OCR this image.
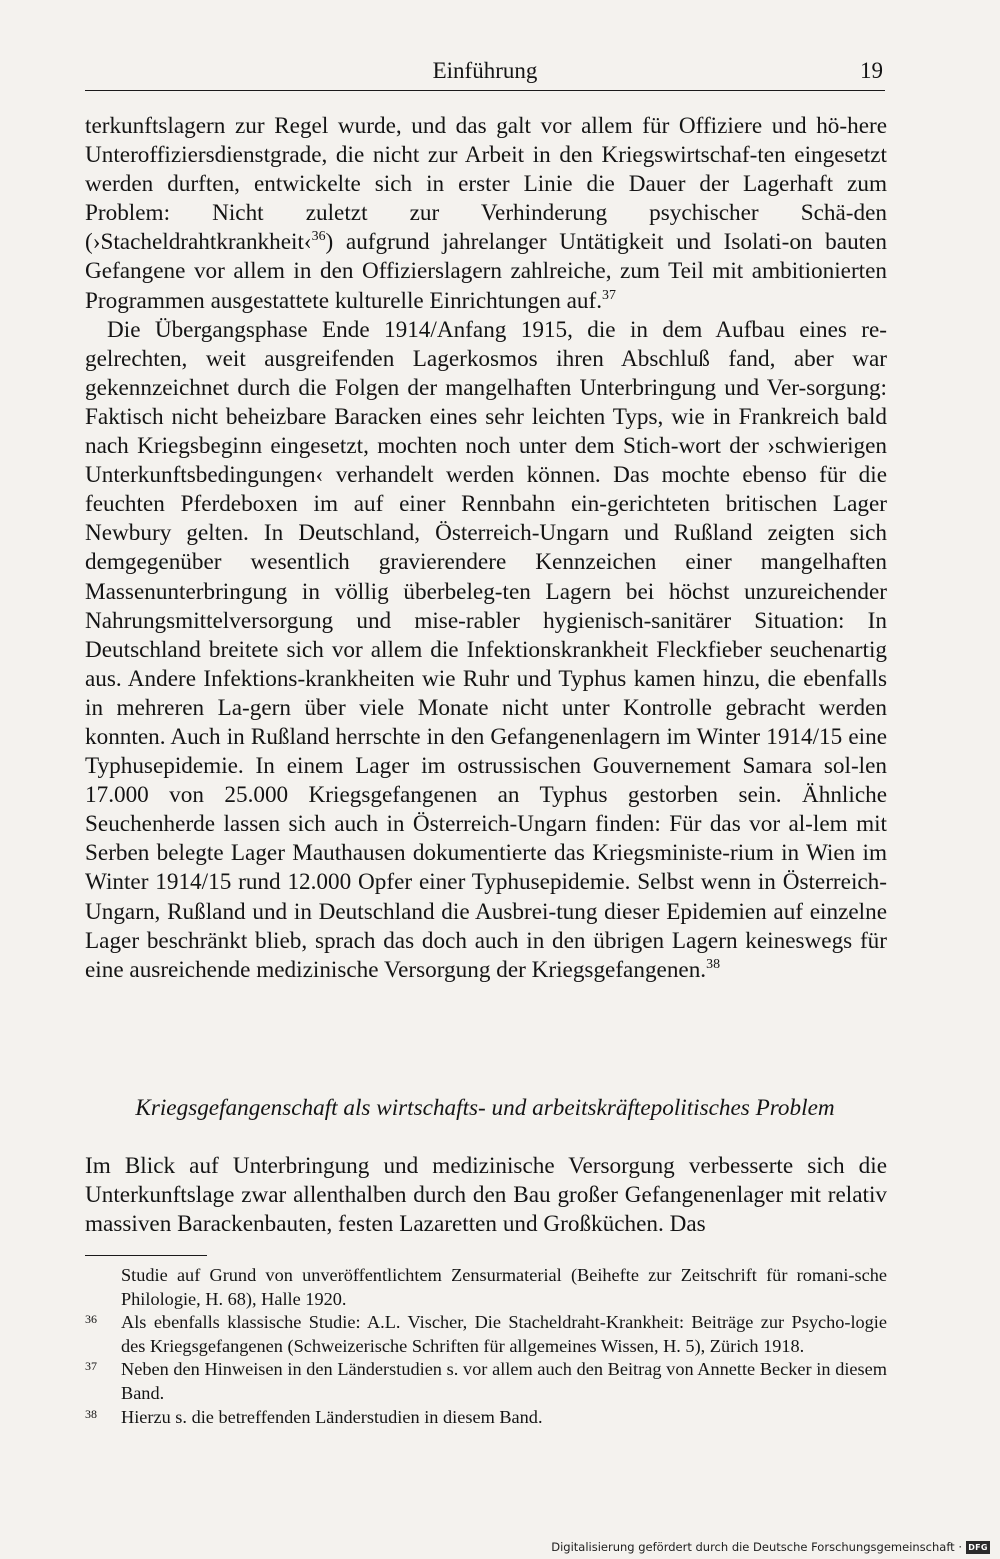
Einführung	19

terkunftslagern zur Regel wurde, und das galt vor allem für Offiziere und hö-here Unteroffiziersdienstgrade, die nicht zur Arbeit in den Kriegswirtschaf-ten eingesetzt werden durften, entwickelte sich in erster Linie die Dauer der Lagerhaft zum Problem: Nicht zuletzt zur Verhinderung psychischer Schä-den (›Stacheldrahtkrankheit‹$^{36}$) aufgrund jahrelanger Untätigkeit und Isolati-on bauten Gefangene vor allem in den Offizierslagern zahlreiche, zum Teil mit ambitionierten Programmen ausgestattete kulturelle Einrichtungen auf.$^{37}$

Die Übergangsphase Ende 1914/Anfang 1915, die in dem Aufbau eines re-gelrechten, weit ausgreifenden Lagerkosmos ihren Abschluß fand, aber war gekennzeichnet durch die Folgen der mangelhaften Unterbringung und Ver-sorgung: Faktisch nicht beheizbare Baracken eines sehr leichten Typs, wie in Frankreich bald nach Kriegsbeginn eingesetzt, mochten noch unter dem Stich-wort der ›schwierigen Unterkunftsbedingungen‹ verhandelt werden können. Das mochte ebenso für die feuchten Pferdeboxen im auf einer Rennbahn ein-gerichteten britischen Lager Newbury gelten. In Deutschland, Österreich-Ungarn und Rußland zeigten sich demgegenüber wesentlich gravierendere Kennzeichen einer mangelhaften Massenunterbringung in völlig überbeleg-ten Lagern bei höchst unzureichender Nahrungsmittelversorgung und mise-rabler hygienisch-sanitärer Situation: In Deutschland breitete sich vor allem die Infektionskrankheit Fleckfieber seuchenartig aus. Andere Infektions-krankheiten wie Ruhr und Typhus kamen hinzu, die ebenfalls in mehreren La-gern über viele Monate nicht unter Kontrolle gebracht werden konnten. Auch in Rußland herrschte in den Gefangenenlagern im Winter 1914/15 eine Typhusepidemie. In einem Lager im ostrussischen Gouvernement Samara sol-len 17.000 von 25.000 Kriegsgefangenen an Typhus gestorben sein. Ähnliche Seuchenherde lassen sich auch in Österreich-Ungarn finden: Für das vor al-lem mit Serben belegte Lager Mauthausen dokumentierte das Kriegsministe-rium in Wien im Winter 1914/15 rund 12.000 Opfer einer Typhusepidemie. Selbst wenn in Österreich-Ungarn, Rußland und in Deutschland die Ausbrei-tung dieser Epidemien auf einzelne Lager beschränkt blieb, sprach das doch auch in den übrigen Lagern keineswegs für eine ausreichende medizinische Versorgung der Kriegsgefangenen.$^{38}$

Kriegsgefangenschaft als wirtschafts- und arbeitskräftepolitisches Problem

Im Blick auf Unterbringung und medizinische Versorgung verbesserte sich die Unterkunftslage zwar allenthalben durch den Bau großer Gefangenenlager mit relativ massiven Barackenbauten, festen Lazaretten und Großküchen. Das

Studie auf Grund von unveröffentlichtem Zensurmaterial (Beihefte zur Zeitschrift für romani-sche Philologie, H. 68), Halle 1920.
36 Als ebenfalls klassische Studie: A.L. Vischer, Die Stacheldraht-Krankheit: Beiträge zur Psycho-logie des Kriegsgefangenen (Schweizerische Schriften für allgemeines Wissen, H. 5), Zürich 1918.
37 Neben den Hinweisen in den Länderstudien s. vor allem auch den Beitrag von Annette Becker in diesem Band.
38 Hierzu s. die betreffenden Länderstudien in diesem Band.
Digitalisierung gefördert durch die Deutsche Forschungsgemeinschaft · DFG
